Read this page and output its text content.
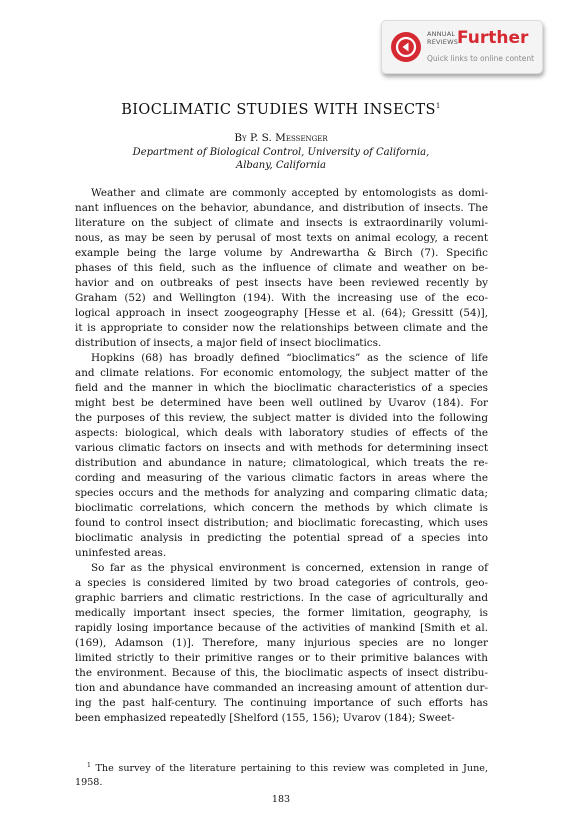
ANNUAL
REVIEWS
Further
Quick links to online content
BIOCLIMATIC STUDIES WITH INSECTS$^1$
By P. S. Messenger
Department of Biological Control, University of California,
Albany, California
Weather and climate are commonly accepted by entomologists as domi-
nant influences on the behavior, abundance, and distribution of insects. The
literature on the subject of climate and insects is extraordinarily volumi-
nous, as may be seen by perusal of most texts on animal ecology, a recent
example being the large volume by Andrewartha & Birch (7). Specific
phases of this field, such as the influence of climate and weather on be-
havior and on outbreaks of pest insects have been reviewed recently by
Graham (52) and Wellington (194). With the increasing use of the eco-
logical approach in insect zoogeography [Hesse et al. (64); Gressitt (54)],
it is appropriate to consider now the relationships between climate and the
distribution of insects, a major field of insect bioclimatics.
Hopkins (68) has broadly defined “bioclimatics” as the science of life
and climate relations. For economic entomology, the subject matter of the
field and the manner in which the bioclimatic characteristics of a species
might best be determined have been well outlined by Uvarov (184). For
the purposes of this review, the subject matter is divided into the following
aspects: biological, which deals with laboratory studies of effects of the
various climatic factors on insects and with methods for determining insect
distribution and abundance in nature; climatological, which treats the re-
cording and measuring of the various climatic factors in areas where the
species occurs and the methods for analyzing and comparing climatic data;
bioclimatic correlations, which concern the methods by which climate is
found to control insect distribution; and bioclimatic forecasting, which uses
bioclimatic analysis in predicting the potential spread of a species into
uninfested areas.
So far as the physical environment is concerned, extension in range of
a species is considered limited by two broad categories of controls, geo-
graphic barriers and climatic restrictions. In the case of agriculturally and
medically important insect species, the former limitation, geography, is
rapidly losing importance because of the activities of mankind [Smith et al.
(169), Adamson (1)]. Therefore, many injurious species are no longer
limited strictly to their primitive ranges or to their primitive balances with
the environment. Because of this, the bioclimatic aspects of insect distribu-
tion and abundance have commanded an increasing amount of attention dur-
ing the past half-century. The continuing importance of such efforts has
been emphasized repeatedly [Shelford (155, 156); Uvarov (184); Sweet-
$^1$ The survey of the literature pertaining to this review was completed in June,
1958.
183
